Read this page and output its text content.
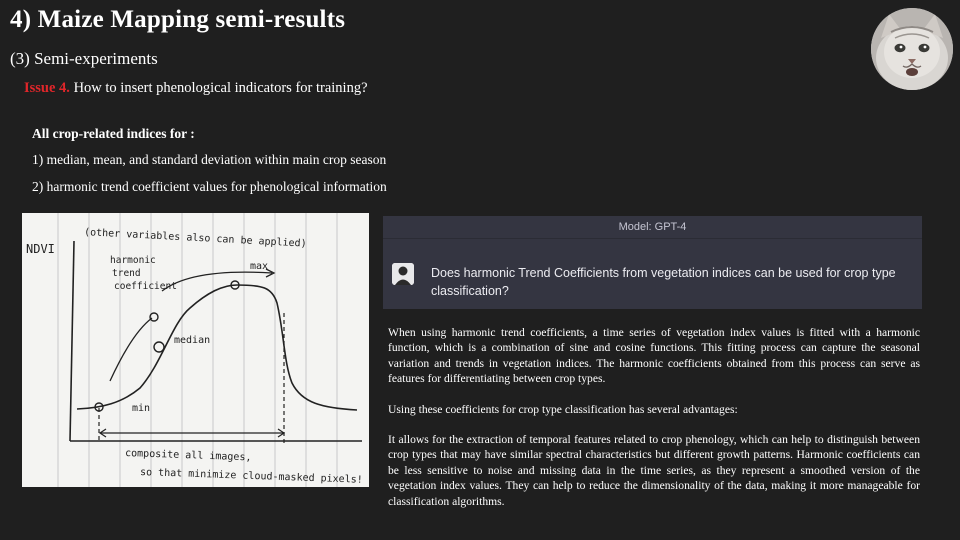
4) Maize Mapping semi-results
(3) Semi-experiments
Issue 4. How to insert phenological indicators for training?
All crop-related indices for :
1) median, mean, and standard deviation within main crop season
2) harmonic trend coefficient values for phenological information
NDVI	(other variables also can be applied)
harmonic
trend
coefficient
max
median
min
composite all images,
so that minimize cloud-masked pixels!
Model: GPT-4
Does harmonic Trend Coefficients from vegetation indices can be used for crop type classification?

When using harmonic trend coefficients, a time series of vegetation index values is fitted with a harmonic function, which is a combination of sine and cosine functions. This fitting process can capture the seasonal variation and trends in vegetation indices. The harmonic coefficients obtained from this process can serve as features for differentiating between crop types.

Using these coefficients for crop type classification has several advantages:

It allows for the extraction of temporal features related to crop phenology, which can help to distinguish between crop types that may have similar spectral characteristics but different growth patterns. Harmonic coefficients can be less sensitive to noise and missing data in the time series, as they represent a smoothed version of the vegetation index values. They can help to reduce the dimensionality of the data, making it more manageable for classification algorithms.
